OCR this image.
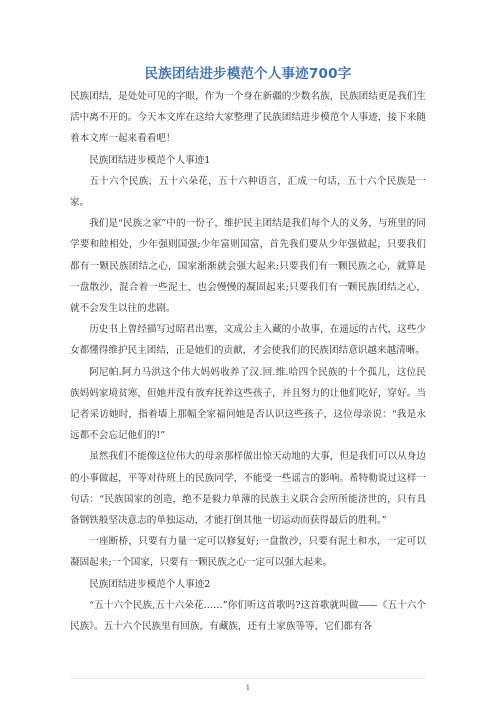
民族团结进步模范个人事迹700字

民族团结，是处处可见的字眼，作为一个身在新疆的少数名族，民族团结更是我们生活中离不开的。今天本文库在这给大家整理了民族团结进步模范个人事迹，接下来随着本文库一起来看看吧！

民族团结进步模范个人事迹1

五十六个民族，五十六朵花，五十六种语言，汇成一句话，五十六个民族是一家。

我们是“民族之家”中的一份子，维护民主团结是我们每个人的义务，与班里的同学要和睦相处，少年强则国强;少年富则国富，首先我们要从少年强做起，只要我们都有一颗民族团结之心，国家渐渐就会强大起来;只要我们有一颗民族之心，就算是一盘散沙，混合着一些泥土，也会慢慢的凝固起来;只要我们有一颗民族团结之心，就不会发生以往的悲剧。

历史书上曾经描写过昭君出塞，文成公主入藏的小故事，在遥远的古代，这些少女都懂得维护民主团结，正是她们的贡献，才会使我们的民族团结意识越来越清晰。

阿尼帕.阿力马洪这个伟大妈妈收养了汉.回.维.哈四个民族的十个孤儿，这位民族妈妈家境贫寒，但她并没有放弃抚养这些孩子，并且努力的让他们吃好，穿好。当记者采访她时，指着墙上那幅全家福问她是否认识这些孩子，这位母亲说：“我是永远都不会忘记他们的!”

虽然我们不能像这位伟大的母亲那样做出惊天动地的大事，但是我们可以从身边的小事做起，平等对待班上的民族同学，不能受一些谣言的影响。希特勒说过这样一句话：“民族国家的创造，绝不是毅力单薄的民族主义联合会所所能济世的，只有具备钢铁般坚决意志的单独运动，才能打倒其他一切运动而获得最后的胜利。”

一座断桥，只要有力量一定可以修复好;一盘散沙，只要有泥土和水，一定可以凝固起来;一个国家，只要有一颗民族之心一定可以强大起来。

民族团结进步模范个人事迹2

“五十六个民族,五十六朵花……”你们听这首歌吗?这首歌就叫做——《五十六个民族》。五十六个民族里有回族，有藏族，还有土家族等等，它们都有各

1
